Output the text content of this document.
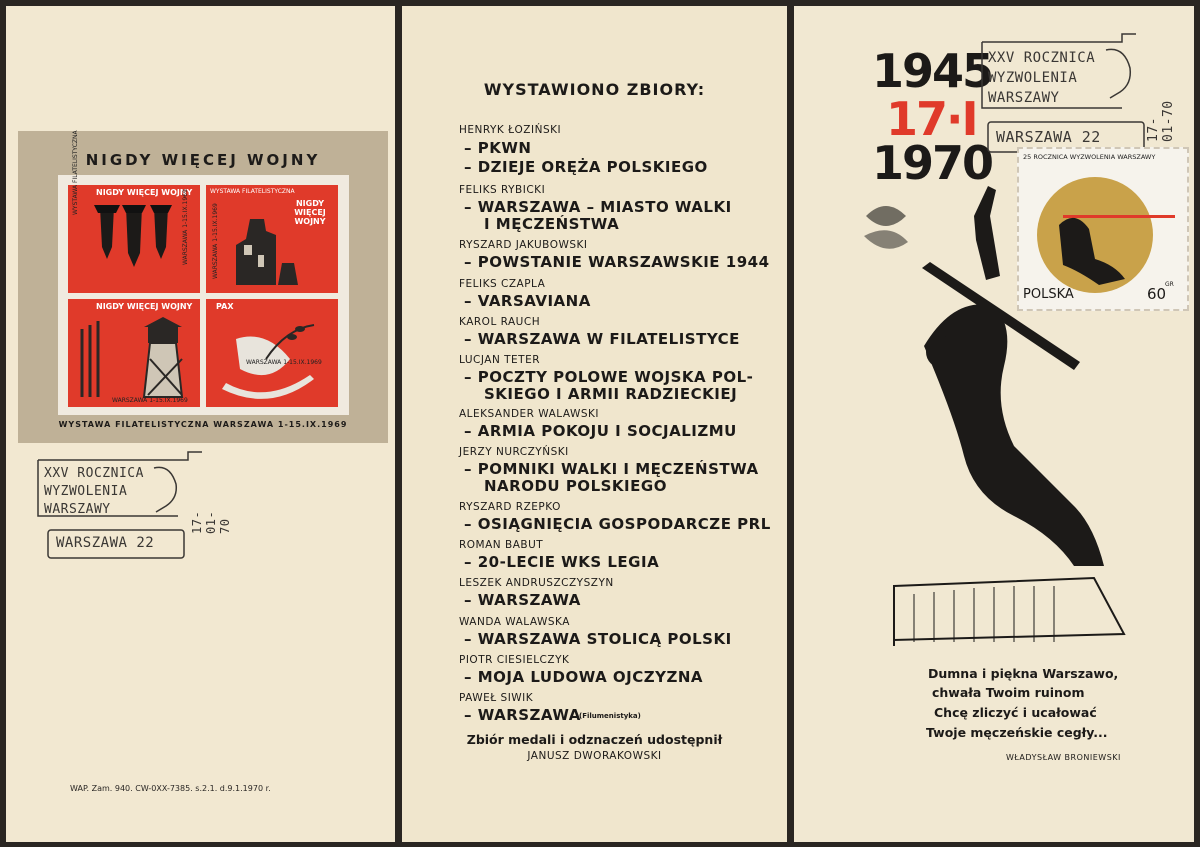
NIGDY WIĘCEJ WOJNY
NIGDY WIĘCEJ WOJNY
WYSTAWA FILATELISTYCZNA
WARSZAWA 1-15.IX.1969	WYSTAWA FILATELISTYCZNA
NIGDY WIĘCEJ WOJNY
WARSZAWA 1-15.IX.1969
NIGDY WIĘCEJ WOJNY
WARSZAWA 1-15.IX.1969
PAX
WARSZAWA 1-15.IX.1969
WYSTAWA FILATELISTYCZNA WARSZAWA 1-15.IX.1969
XXV ROCZNICA
WYZWOLENIA
WARSZAWY
WARSZAWA 22
17-01-70
WAP. Zam. 940. CW-0XX-7385. s.2.1. d.9.1.1970 r.
WYSTAWIONO ZBIORY:
HENRYK ŁOZIŃSKI
– PKWN
– DZIEJE ORĘŻA POLSKIEGO
FELIKS RYBICKI
– WARSZAWA – MIASTO WALKI
I MĘCZEŃSTWA
RYSZARD JAKUBOWSKI
– POWSTANIE WARSZAWSKIE 1944
FELIKS CZAPLA
– VARSAVIANA
KAROL RAUCH
– WARSZAWA W FILATELISTYCE
LUCJAN TETER
– POCZTY POLOWE WOJSKA POL-
SKIEGO I ARMII RADZIECKIEJ
ALEKSANDER WALAWSKI
– ARMIA POKOJU I SOCJALIZMU
JERZY NURCZYŃSKI
– POMNIKI WALKI I MĘCZEŃSTWA
NARODU POLSKIEGO
RYSZARD RZEPKO
– OSIĄGNIĘCIA GOSPODARCZE PRL
ROMAN BABUT
– 20-LECIE WKS LEGIA
LESZEK ANDRUSZCZYSZYN
– WARSZAWA
WANDA WALAWSKA
– WARSZAWA STOLICĄ POLSKI
PIOTR CIESIELCZYK
– MOJA LUDOWA OJCZYZNA
PAWEŁ SIWIK
– WARSZAWA
(Filumenistyka)
Zbiór medali i odznaczeń udostępnił
JANUSZ DWORAKOWSKI
1945
17·I
1970
XXV ROCZNICA
WYZWOLENIA
WARSZAWY
WARSZAWA 22	17-01-70
25 ROCZNICA WYZWOLENIA WARSZAWY
POLSKA	60
GR
Dumna i piękna Warszawo,
chwała Twoim ruinom
Chcę zliczyć i ucałować
Twoje męczeńskie cegły...
WŁADYSŁAW BRONIEWSKI
